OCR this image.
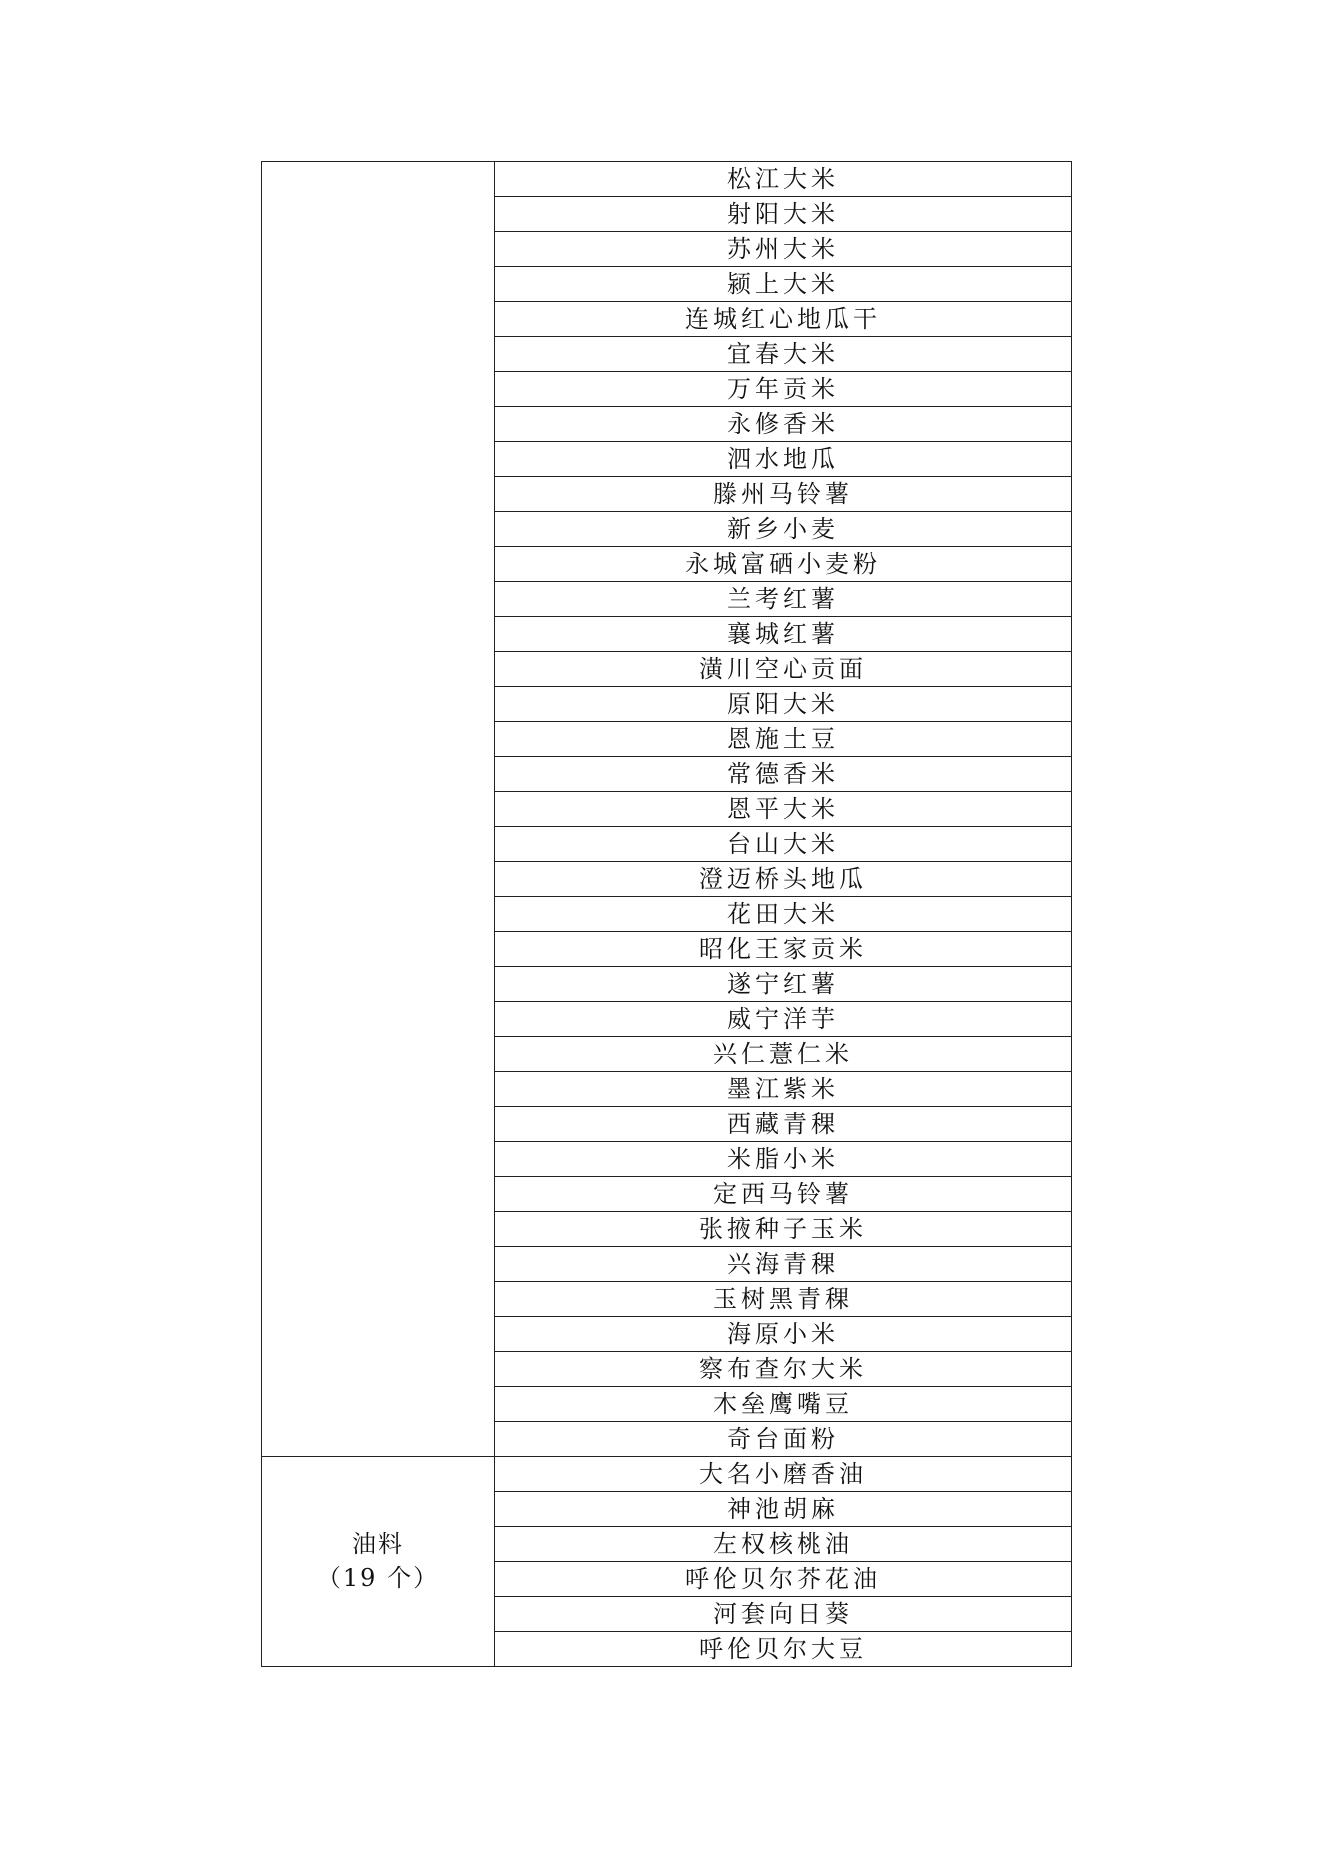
	松江大米
	射阳大米
	苏州大米
	颍上大米
	连城红心地瓜干
	宜春大米
	万年贡米
	永修香米
	泗水地瓜
	滕州马铃薯
	新乡小麦
	永城富硒小麦粉
	兰考红薯
	襄城红薯
	潢川空心贡面
	原阳大米
	恩施土豆
	常德香米
	恩平大米
	台山大米
	澄迈桥头地瓜
	花田大米
	昭化王家贡米
	遂宁红薯
	威宁洋芋
	兴仁薏仁米
	墨江紫米
	西藏青稞
	米脂小米
	定西马铃薯
	张掖种子玉米
	兴海青稞
	玉树黑青稞
	海原小米
	察布查尔大米
	木垒鹰嘴豆
	奇台面粉

油料
（19 个）	大名小磨香油
	神池胡麻
	左权核桃油
	呼伦贝尔芥花油
	河套向日葵
	呼伦贝尔大豆
